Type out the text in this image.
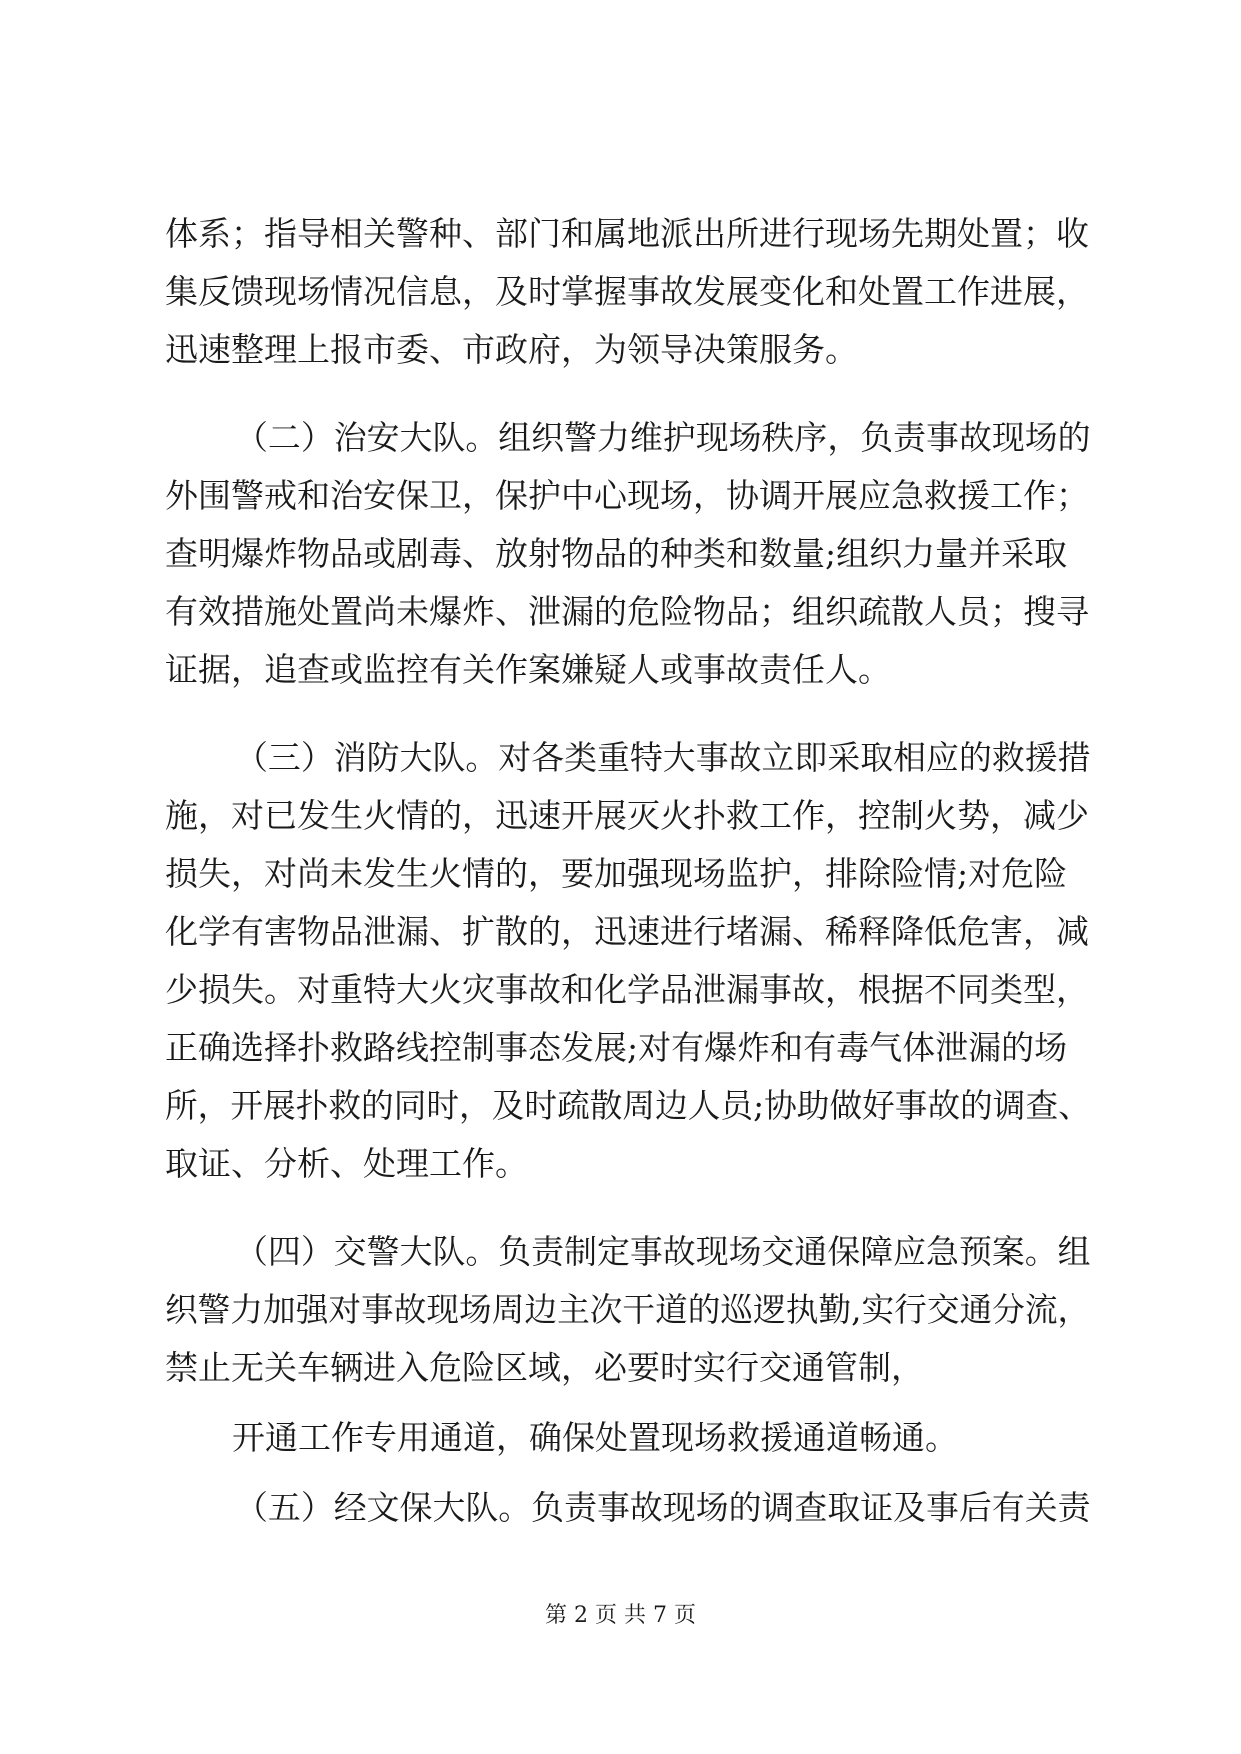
体系；指导相关警种、部门和属地派出所进行现场先期处置；收
集反馈现场情况信息，及时掌握事故发展变化和处置工作进展，
迅速整理上报市委、市政府，为领导决策服务。
（二）治安大队。组织警力维护现场秩序，负责事故现场的
外围警戒和治安保卫，保护中心现场，协调开展应急救援工作；
查明爆炸物品或剧毒、放射物品的种类和数量;组织力量并采取
有效措施处置尚未爆炸、泄漏的危险物品；组织疏散人员；搜寻
证据，追查或监控有关作案嫌疑人或事故责任人。
（三）消防大队。对各类重特大事故立即采取相应的救援措
施，对已发生火情的，迅速开展灭火扑救工作，控制火势，减少
损失，对尚未发生火情的，要加强现场监护，排除险情;对危险
化学有害物品泄漏、扩散的，迅速进行堵漏、稀释降低危害，减
少损失。对重特大火灾事故和化学品泄漏事故，根据不同类型，
正确选择扑救路线控制事态发展;对有爆炸和有毒气体泄漏的场
所，开展扑救的同时，及时疏散周边人员;协助做好事故的调查、
取证、分析、处理工作。
（四）交警大队。负责制定事故现场交通保障应急预案。组
织警力加强对事故现场周边主次干道的巡逻执勤,实行交通分流，
禁止无关车辆进入危险区域，必要时实行交通管制，
开通工作专用通道，确保处置现场救援通道畅通。
（五）经文保大队。负责事故现场的调查取证及事后有关责
第 2 页 共 7 页
